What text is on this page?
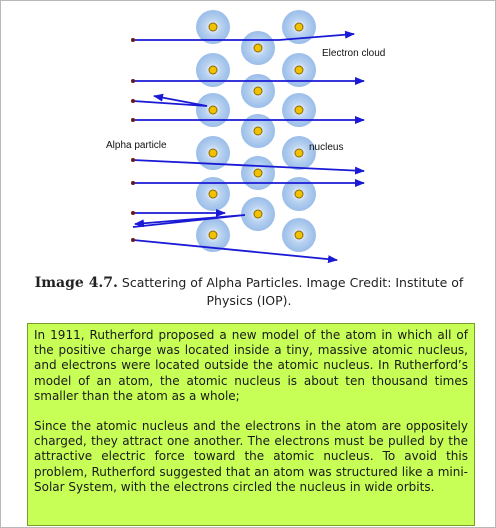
Electron cloud
Alpha particle	nucleus
Image 4.7. Scattering of Alpha Particles. Image Credit: Institute of Physics (IOP).

In 1911, Rutherford proposed a new model of the atom in which all of the positive charge was located inside a tiny, massive atomic nucleus, and electrons were located outside the atomic nucleus. In Rutherford’s model of an atom, the atomic nucleus is about ten thousand times smaller than the atom as a whole;

Since the atomic nucleus and the electrons in the atom are oppositely charged, they attract one another. The electrons must be pulled by the attractive electric force toward the atomic nucleus. To avoid this problem, Rutherford suggested that an atom was structured like a mini-Solar System, with the electrons circled the nucleus in wide orbits.
